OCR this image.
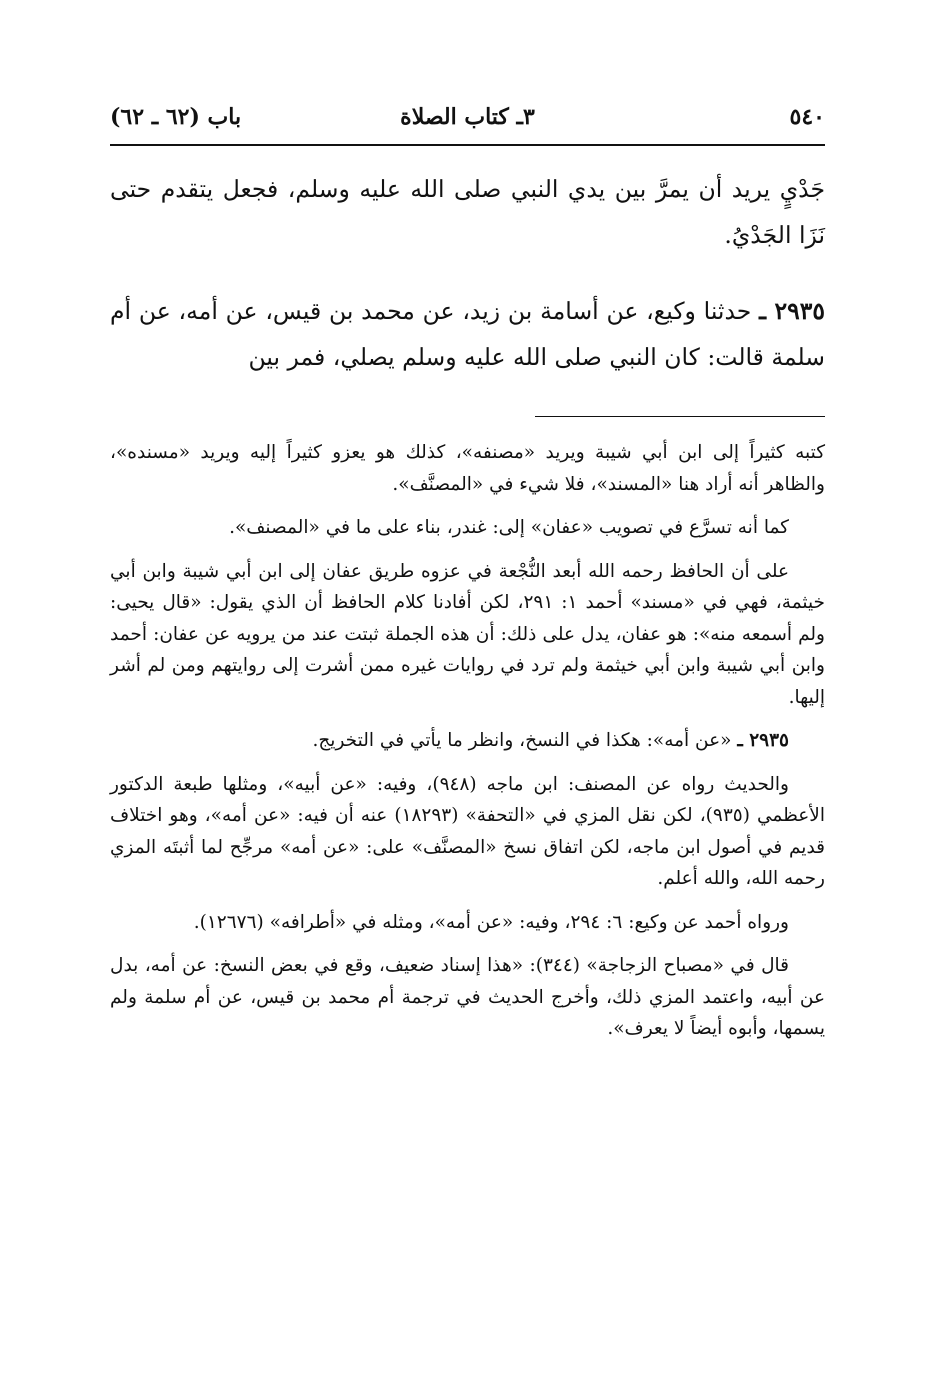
٥٤٠
٣ـ كتاب الصلاة
باب (٦٢ ـ ٦٢)

جَدْيٍ يريد أن يمرَّ بين يدي النبي صلى الله عليه وسلم، فجعل يتقدم حتى نَزَا الجَدْيُ.

٢٩٣٥ ـ حدثنا وكيع، عن أسامة بن زيد، عن محمد بن قيس، عن أمه، عن أم سلمة قالت: كان النبي صلى الله عليه وسلم يصلي، فمر بين

كتبه كثيراً إلى ابن أبي شيبة ويريد «مصنفه»، كذلك هو يعزو كثيراً إليه ويريد «مسنده»، والظاهر أنه أراد هنا «المسند»، فلا شيء في «المصنَّف».

كما أنه تسرَّع في تصويب «عفان» إلى: غندر، بناء على ما في «المصنف».

على أن الحافظ رحمه الله أبعد النُّجْعة في عزوه طريق عفان إلى ابن أبي شيبة وابن أبي خيثمة، فهي في «مسند» أحمد ١: ٢٩١، لكن أفادنا كلام الحافظ أن الذي يقول: «قال يحيى: ولم أسمعه منه»: هو عفان، يدل على ذلك: أن هذه الجملة ثبتت عند من يرويه عن عفان: أحمد وابن أبي شيبة وابن أبي خيثمة ولم ترد في روايات غيره ممن أشرت إلى روايتهم ومن لم أشر إليها.

٢٩٣٥ ـ «عن أمه»: هكذا في النسخ، وانظر ما يأتي في التخريج.

والحديث رواه عن المصنف: ابن ماجه (٩٤٨)، وفيه: «عن أبيه»، ومثلها طبعة الدكتور الأعظمي (٩٣٥)، لكن نقل المزي في «التحفة» (١٨٢٩٣) عنه أن فيه: «عن أمه»، وهو اختلاف قديم في أصول ابن ماجه، لكن اتفاق نسخ «المصنَّف» على: «عن أمه» مرجِّح لما أثبتَه المزي رحمه الله، والله أعلم.

ورواه أحمد عن وكيع: ٦: ٢٩٤، وفيه: «عن أمه»، ومثله في «أطرافه» (١٢٦٧٦).

قال في «مصباح الزجاجة» (٣٤٤): «هذا إسناد ضعيف، وقع في بعض النسخ: عن أمه، بدل عن أبيه، واعتمد المزي ذلك، وأخرج الحديث في ترجمة أم محمد بن قيس، عن أم سلمة ولم يسمها، وأبوه أيضاً لا يعرف».
